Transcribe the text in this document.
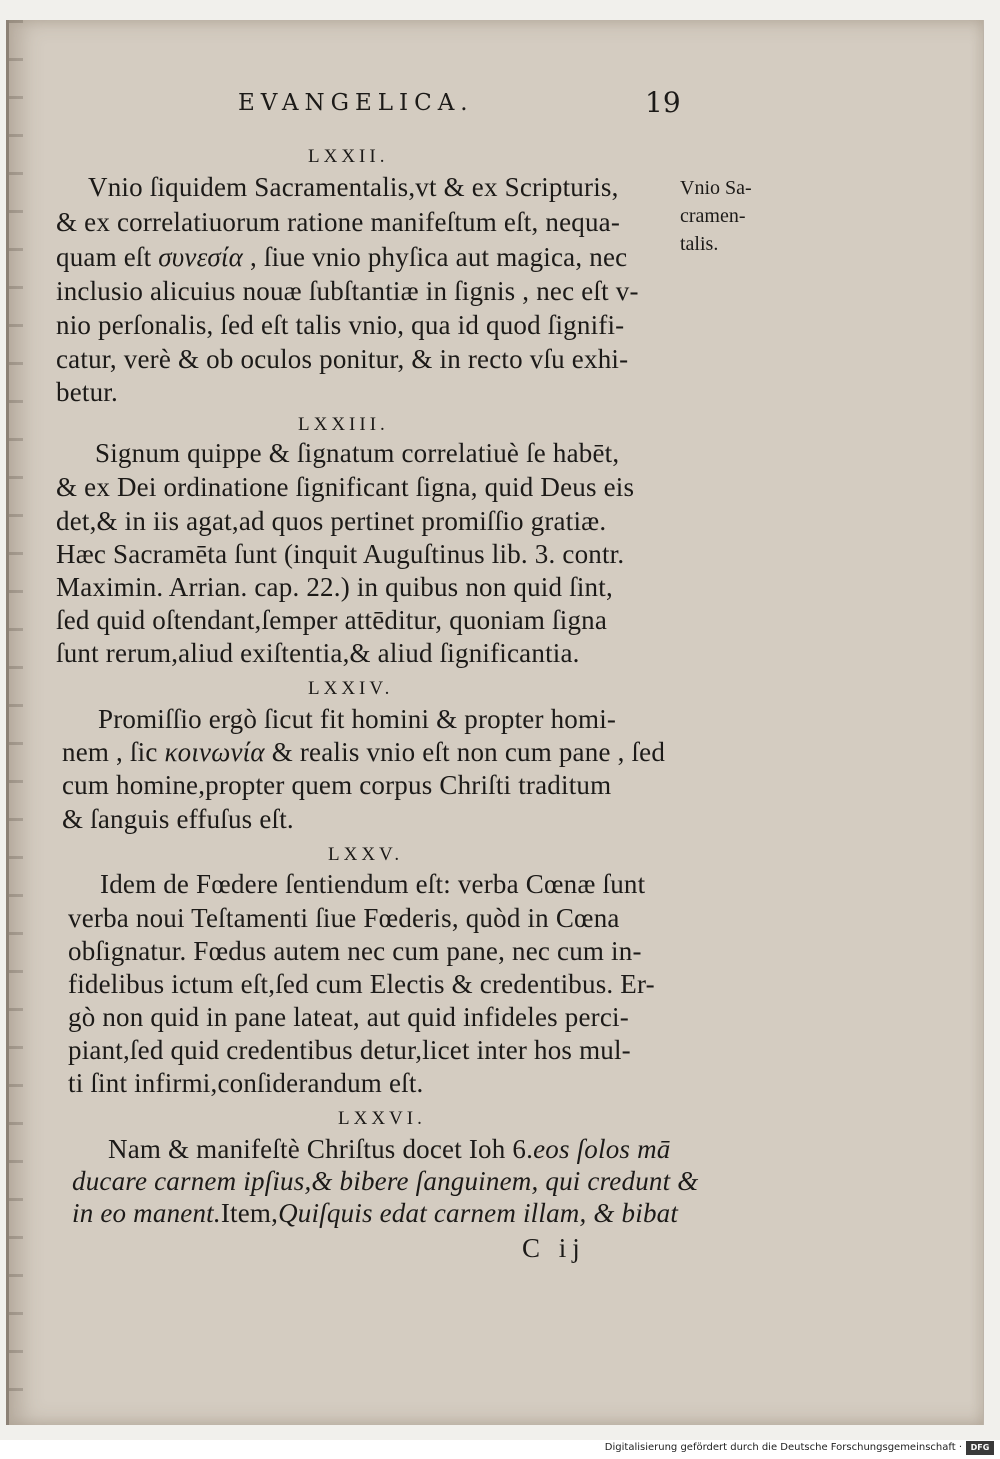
EVANGELICA.	19
LXXII.
Vnio ſiquidem Sacramentalis,vt & ex Scripturis,
& ex correlatiuorum ratione manifeſtum eſt, nequa-
quam eſt συνεσία , ſiue vnio phyſica aut magica, nec
inclusio alicuius nouæ ſubſtantiæ in ſignis , nec eſt v-
nio perſonalis, ſed eſt talis vnio, qua id quod ſignifi-
catur, verè & ob oculos ponitur, & in recto vſu exhi-
betur.
Vnio Sa-
cramen-
talis.
LXXIII.
Signum quippe & ſignatum correlatiuè ſe habēt,
& ex Dei ordinatione ſignificant ſigna, quid Deus eis
det,& in iis agat,ad quos pertinet promiſſio gratiæ.
Hæc Sacramēta ſunt (inquit Auguſtinus lib. 3. contr.
Maximin. Arrian. cap. 22.) in quibus non quid ſint,
ſed quid oſtendant,ſemper attēditur, quoniam ſigna
ſunt rerum,aliud exiſtentia,& aliud ſignificantia.
LXXIV.
Promiſſio ergò ſicut fit homini & propter homi-
nem , ſic κοινωνία & realis vnio eſt non cum pane , ſed
cum homine,propter quem corpus Chriſti traditum
& ſanguis effuſus eſt.
LXXV.
Idem de Fœdere ſentiendum eſt: verba Cœnæ ſunt
verba noui Teſtamenti ſiue Fœderis, quòd in Cœna
obſignatur. Fœdus autem nec cum pane, nec cum in-
fidelibus ictum eſt,ſed cum Electis & credentibus. Er-
gò non quid in pane lateat, aut quid infideles perci-
piant,ſed quid credentibus detur,licet inter hos mul-
ti ſint infirmi,conſiderandum eſt.
LXXVI.
Nam & manifeſtè Chriſtus docet Ioh 6.eos ſolos mā
ducare carnem ipſius,& bibere ſanguinem, qui credunt &
in eo manent.Item,Quiſquis edat carnem illam, & bibat
C ij
Digitalisierung gefördert durch die Deutsche Forschungsgemeinschaft ·	DFG
